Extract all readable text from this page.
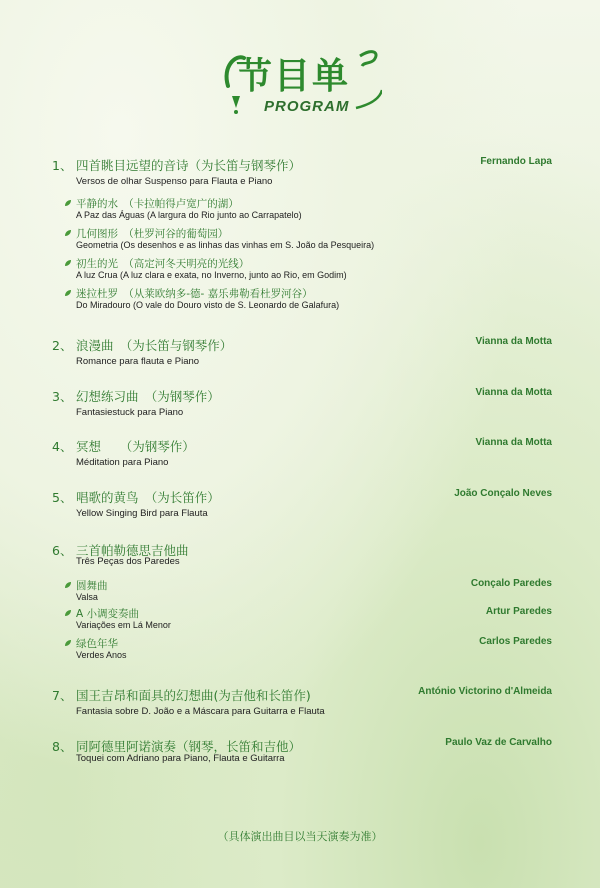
节目单
PROGRAM
1、 四首眺目远望的音诗（为长笛与钢琴作）
Versos de olhar Suspenso para Flauta e Piano
Fernando Lapa
平静的水　（卡拉帕得卢宽广的湖）
A Paz das Águas (A largura do Rio junto ao Carrapatelo)
几何图形　（杜罗河谷的葡萄园）
Geometria (Os desenhos e as linhas das vinhas em S. João da Pesqueira)
初生的光　（高定河冬天明亮的光线）
A luz Crua (A luz clara e exata, no Inverno, junto ao Rio, em Godim)
迷拉杜罗　（从莱欧纳多-德- 嘉乐弗勒看杜罗河谷）
Do Miradouro (O vale do Douro visto de S. Leonardo de Galafura)
2、 浪漫曲　（为长笛与钢琴作）
Romance para flauta e Piano
Vianna da Motta
3、 幻想练习曲　（为钢琴作）
Fantasiestuck para Piano
Vianna da Motta
4、 冥想　　（为钢琴作）
Méditation para Piano
Vianna da Motta
5、 唱歌的黄鸟　（为长笛作）
Yellow Singing Bird para Flauta
João Conçalo Neves
6、 三首帕勒德思吉他曲
Três Peças dos Paredes
圆舞曲
Valsa
Conçalo Paredes
A 小调变奏曲
Variações em Lá Menor
Artur Paredes
绿色年华
Verdes Anos
Carlos Paredes
7、 国王吉昂和面具的幻想曲(为吉他和长笛作)
Fantasia sobre D. João e a Máscara para Guitarra e Flauta
António Victorino d'Almeida
8、 同阿德里阿诺演奏（钢琴，长笛和吉他）
Toquei com Adriano para Piano, Flauta e Guitarra
Paulo Vaz de Carvalho
（具体演出曲目以当天演奏为准）
